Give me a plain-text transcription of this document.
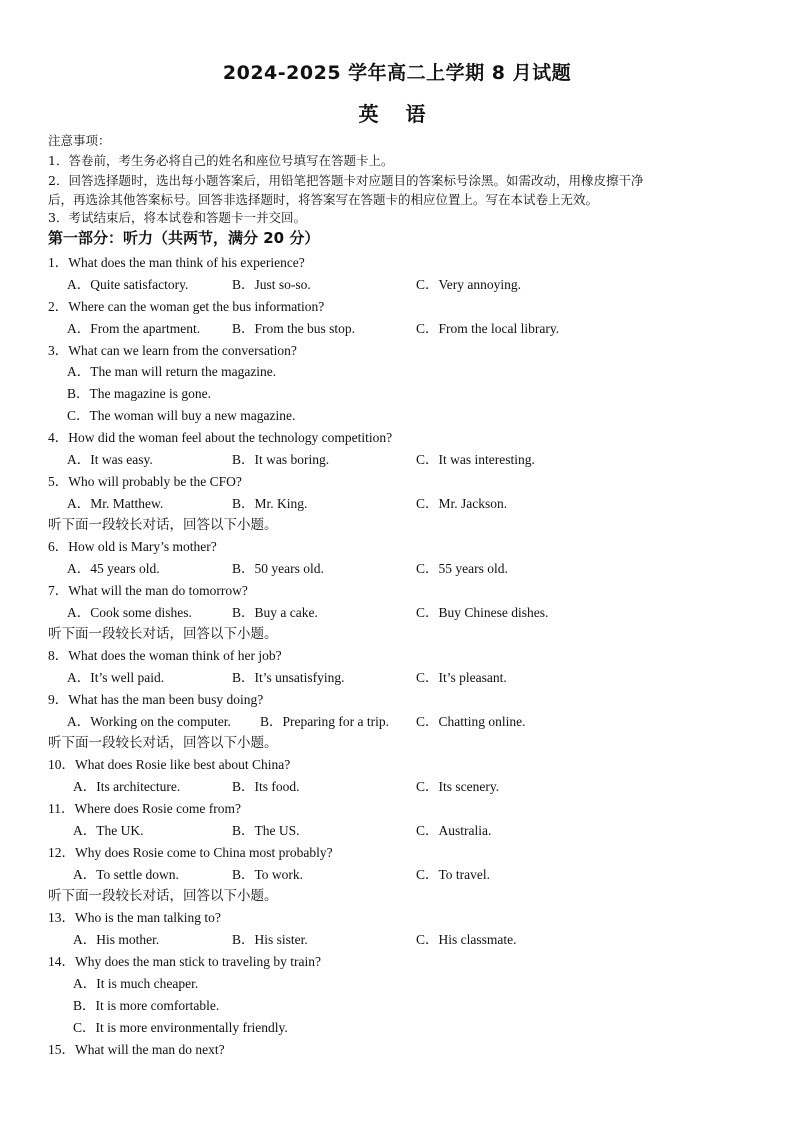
2024-2025 学年高二上学期 8 月试题
英 语
注意事项：
1．答卷前，考生务必将自己的姓名和座位号填写在答题卡上。
2．回答选择题时，选出每小题答案后，用铅笔把答题卡对应题目的答案标号涂黑。如需改动，用橡皮擦干净
后，再选涂其他答案标号。回答非选择题时，将答案写在答题卡的相应位置上。写在本试卷上无效。
3．考试结束后，将本试卷和答题卡一并交回。
第一部分：听力（共两节，满分 20 分）
1．What does the man think of his experience?
A．Quite satisfactory.	B．Just so-so.	C．Very annoying.
2．Where can the woman get the bus information?
A．From the apartment. B．From the bus stop.	C．From the local library.
3．What can we learn from the conversation?
A．The man will return the magazine.
B．The magazine is gone.
C．The woman will buy a new magazine.
4．How did the woman feel about the technology competition?
A．It was easy.	B．It was boring.	C．It was interesting.
5．Who will probably be the CFO?
A．Mr. Matthew.	B．Mr. King.	C．Mr. Jackson.
听下面一段较长对话，回答以下小题。
6．How old is Mary’s mother?
A．45 years old.	B．50 years old.	C．55 years old.
7．What will the man do tomorrow?
A．Cook some dishes.	B．Buy a cake.	C．Buy Chinese dishes.
听下面一段较长对话，回答以下小题。
8．What does the woman think of her job?
A．It’s well paid.	B．It’s unsatisfying.	C．It’s pleasant.
9．What has the man been busy doing?
A．Working on the computer. B．Preparing for a trip. C．Chatting online.
听下面一段较长对话，回答以下小题。
10．What does Rosie like best about China?
A．Its architecture.	B．Its food.	C．Its scenery.
11．Where does Rosie come from?
A．The UK.	B．The US.	C．Australia.
12．Why does Rosie come to China most probably?
A．To settle down.	B．To work.	C．To travel.
听下面一段较长对话，回答以下小题。
13．Who is the man talking to?
A．His mother.	B．His sister.	C．His classmate.
14．Why does the man stick to traveling by train?
A．It is much cheaper.
B．It is more comfortable.
C．It is more environmentally friendly.
15．What will the man do next?
